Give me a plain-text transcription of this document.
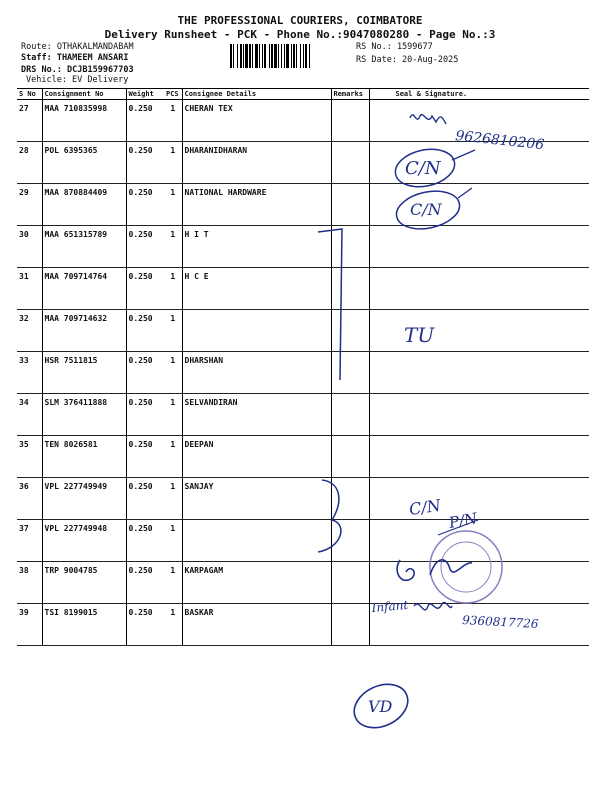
THE PROFESSIONAL COURIERS, COIMBATORE
Delivery Runsheet - PCK - Phone No.:9047080280 - Page No.:3
Route: OTHAKALMANDABAM
Staff: THAMEEM ANSARI
DRS No.: DCJB159967703
Vehicle: EV Delivery
RS No.: 1599677
RS Date: 20-Aug-2025
S No	Consignment No	Weight	PCS	Consignee Details	Remarks	Seal & Signature.
27	MAA 710835998	0.250	1	CHERAN TEX		
28	POL 6395365	0.250	1	DHARANIDHARAN		
29	MAA 870884409	0.250	1	NATIONAL HARDWARE		
30	MAA 651315789	0.250	1	H I T		
31	MAA 709714764	0.250	1	H C E		
32	MAA 709714632	0.250	1			
33	HSR 7511815	0.250	1	DHARSHAN		
34	SLM 376411888	0.250	1	SELVANDIRAN		
35	TEN 8026581	0.250	1	DEEPAN		
36	VPL 227749949	0.250	1	SANJAY		
37	VPL 227749948	0.250	1			
38	TRP 9004785	0.250	1	KARPAGAM		
39	TSI 8199015	0.250	1	BASKAR		
9626810206
C/N
C/N
TU
C/N
P/N
Infant
9360817726
VD
